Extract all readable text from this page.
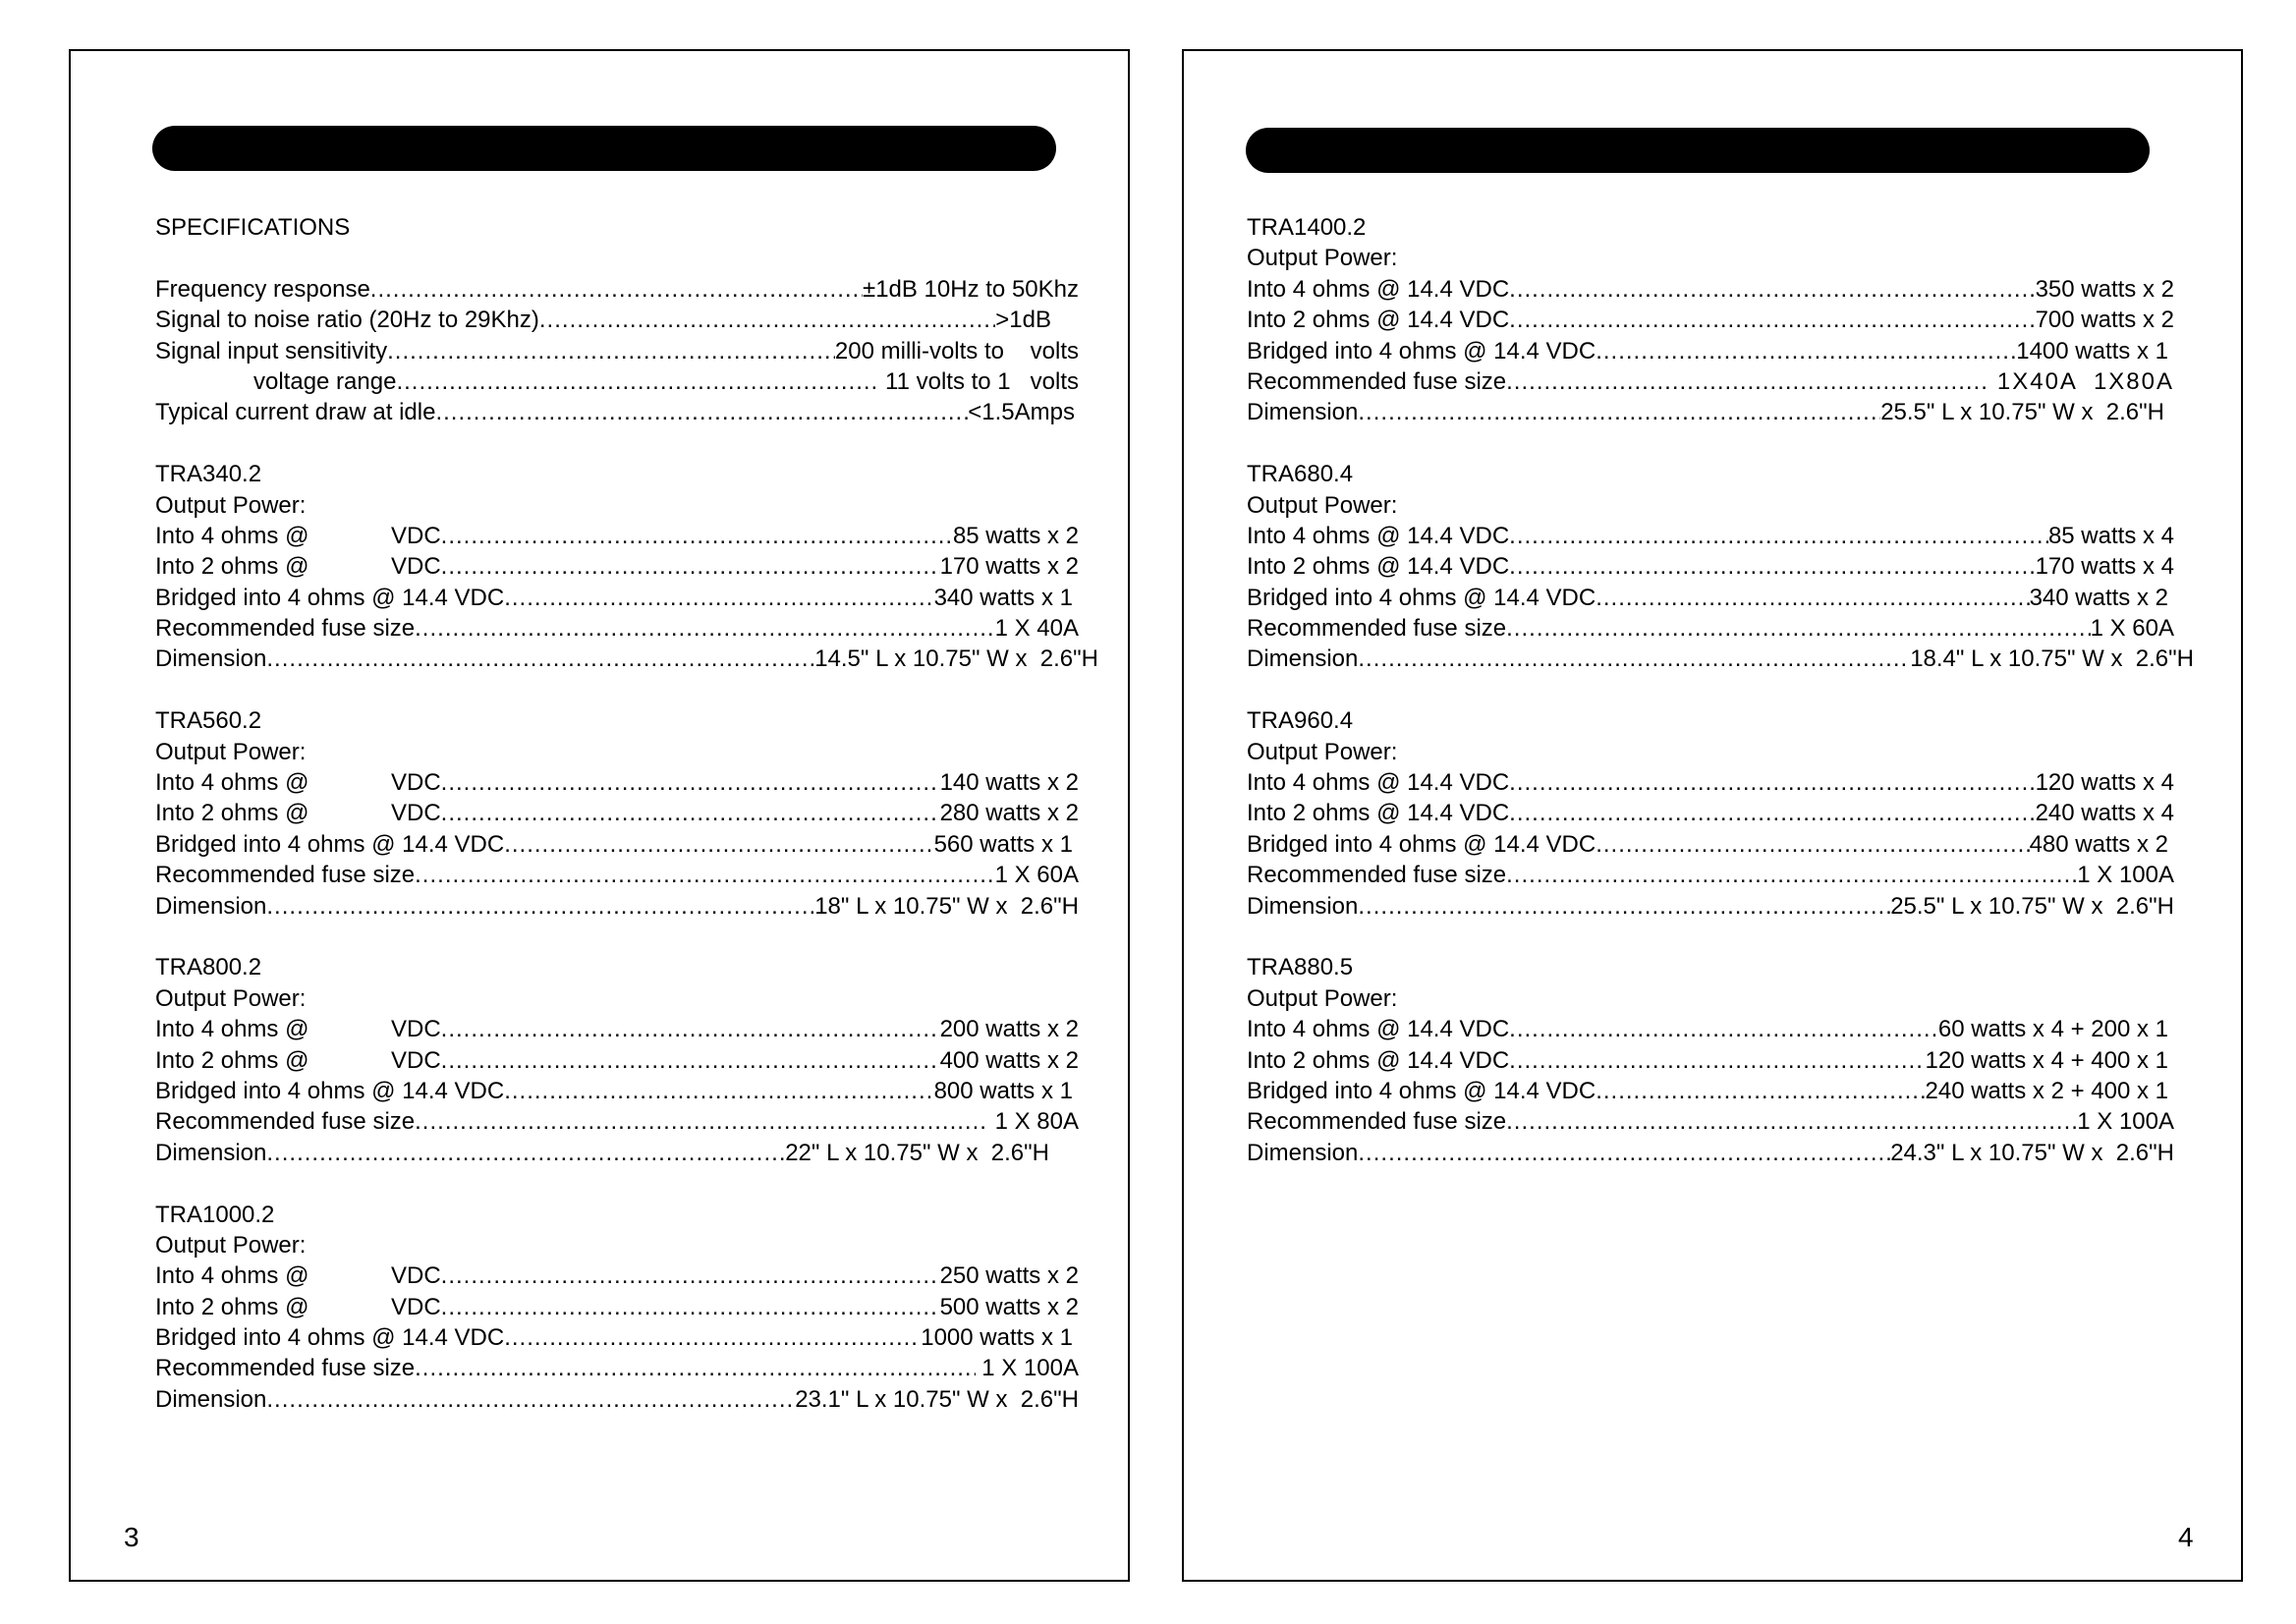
SPECIFICATIONS
Frequency response .....	±1dB 10Hz to 50Khz
Signal to noise ratio (20Hz to 29Khz) .....	>1dB
Signal input sensitivity .....	200 milli-volts to    volts
voltage range .....	11 volts to 1   volts
Typical current draw at idle .....	<1.5Amps
TRA340.2
Output Power:
Into 4 ohms @	VDC .....	85 watts x 2
Into 2 ohms @	VDC .....	170 watts x 2
Bridged into 4 ohms @ 14.4 VDC .....	340 watts x 1
Recommended fuse size .....	1 X 40A
Dimension .....	14.5" L x 10.75" W x  2.6"H
TRA560.2
Output Power:
Into 4 ohms @	VDC .....	140 watts x 2
Into 2 ohms @	VDC .....	280 watts x 2
Bridged into 4 ohms @ 14.4 VDC .....	560 watts x 1
Recommended fuse size .....	1 X 60A
Dimension .....	18" L x 10.75" W x  2.6"H
TRA800.2
Output Power:
Into 4 ohms @	VDC .....	200 watts x 2
Into 2 ohms @	VDC .....	400 watts x 2
Bridged into 4 ohms @ 14.4 VDC .....	800 watts x 1
Recommended fuse size .....	1 X 80A
Dimension .....	22" L x 10.75" W x  2.6"H
TRA1000.2
Output Power:
Into 4 ohms @	VDC .....	250 watts x 2
Into 2 ohms @	VDC .....	500 watts x 2
Bridged into 4 ohms @ 14.4 VDC .....	1000 watts x 1
Recommended fuse size .....	1 X 100A
Dimension .....	23.1" L x 10.75" W x  2.6"H
3
TRA1400.2
Output Power:
Into 4 ohms @ 14.4 VDC .....	350 watts x 2
Into 2 ohms @ 14.4 VDC .....	700 watts x 2
Bridged into 4 ohms @ 14.4 VDC .....	1400 watts x 1
Recommended fuse size .....	1X40A  1X80A
Dimension .....	25.5" L x 10.75" W x  2.6"H
TRA680.4
Output Power:
Into 4 ohms @ 14.4 VDC .....	85 watts x 4
Into 2 ohms @ 14.4 VDC .....	170 watts x 4
Bridged into 4 ohms @ 14.4 VDC .....	340 watts x 2
Recommended fuse size .....	1 X 60A
Dimension .....	18.4" L x 10.75" W x  2.6"H
TRA960.4
Output Power:
Into 4 ohms @ 14.4 VDC .....	120 watts x 4
Into 2 ohms @ 14.4 VDC .....	240 watts x 4
Bridged into 4 ohms @ 14.4 VDC .....	480 watts x 2
Recommended fuse size .....	1 X 100A
Dimension .....	25.5" L x 10.75" W x  2.6"H
TRA880.5
Output Power:
Into 4 ohms @ 14.4 VDC .....	60 watts x 4 + 200 x 1
Into 2 ohms @ 14.4 VDC .....	120 watts x 4 + 400 x 1
Bridged into 4 ohms @ 14.4 VDC .....	240 watts x 2 + 400 x 1
Recommended fuse size .....	1 X 100A
Dimension .....	24.3" L x 10.75" W x  2.6"H
4
